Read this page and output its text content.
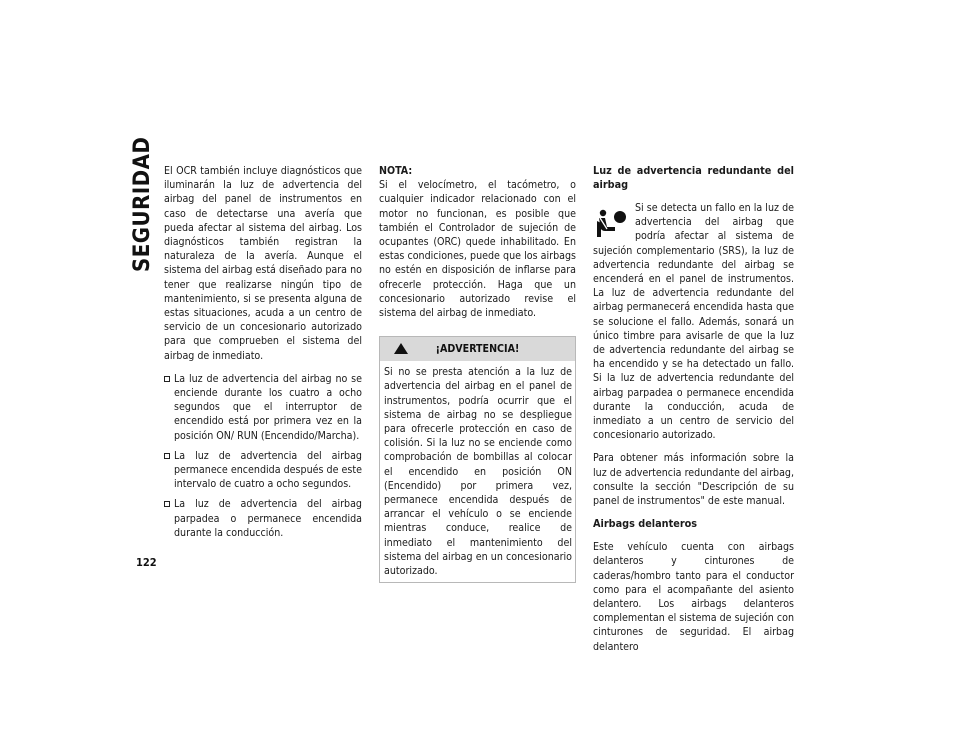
SEGURIDAD
122

El OCR también incluye diagnósticos que iluminarán la luz de advertencia del airbag del panel de instrumentos en caso de detectarse una avería que pueda afectar al sistema del airbag. Los diagnósticos también registran la naturaleza de la avería. Aunque el sistema del airbag está diseñado para no tener que realizarse ningún tipo de mantenimiento, si se presenta alguna de estas situaciones, acuda a un centro de servicio de un concesionario autorizado para que comprueben el sistema del airbag de inmediato.

La luz de advertencia del airbag no se enciende durante los cuatro a ocho segundos que el interruptor de encendido está por primera vez en la posición ON/ RUN (Encendido/Marcha).
La luz de advertencia del airbag permanece encendida después de este intervalo de cuatro a ocho segundos.
La luz de advertencia del airbag parpadea o permanece encendida durante la conducción.
NOTA:

Si el velocímetro, el tacómetro, o cualquier indicador relacionado con el motor no funcionan, es posible que también el Controlador de sujeción de ocupantes (ORC) quede inhabilitado. En estas condiciones, puede que los airbags no estén en disposición de inflarse para ofrecerle protección. Haga que un concesionario autorizado revise el sistema del airbag de inmediato.

¡ADVERTENCIA!
Si no se presta atención a la luz de advertencia del airbag en el panel de instrumentos, podría ocurrir que el sistema de airbag no se despliegue para ofrecerle protección en caso de colisión. Si la luz no se enciende como comprobación de bombillas al colocar el encendido en posición ON (Encendido) por primera vez, permanece encendida después de arrancar el vehículo o se enciende mientras conduce, realice de inmediato el mantenimiento del sistema del airbag en un concesionario autorizado.
Luz de advertencia redundante del airbag
Si se detecta un fallo en la luz de advertencia del airbag que podría afectar al sistema de sujeción complementario (SRS), la luz de advertencia redundante del airbag se encenderá en el panel de instrumentos. La luz de advertencia redundante del airbag permanecerá encendida hasta que se solucione el fallo. Además, sonará un único timbre para avisarle de que la luz de advertencia redundante del airbag se ha encendido y se ha detectado un fallo. Si la luz de advertencia redundante del airbag parpadea o permanece encendida durante la conducción, acuda de inmediato a un centro de servicio del concesionario autorizado.

Para obtener más información sobre la luz de advertencia redundante del airbag, consulte la sección "Descripción de su panel de instrumentos" de este manual.

Airbags delanteros

Este vehículo cuenta con airbags delanteros y cinturones de caderas/hombro tanto para el conductor como para el acompañante del asiento delantero. Los airbags delanteros complementan el sistema de sujeción con cinturones de seguridad. El airbag delantero
